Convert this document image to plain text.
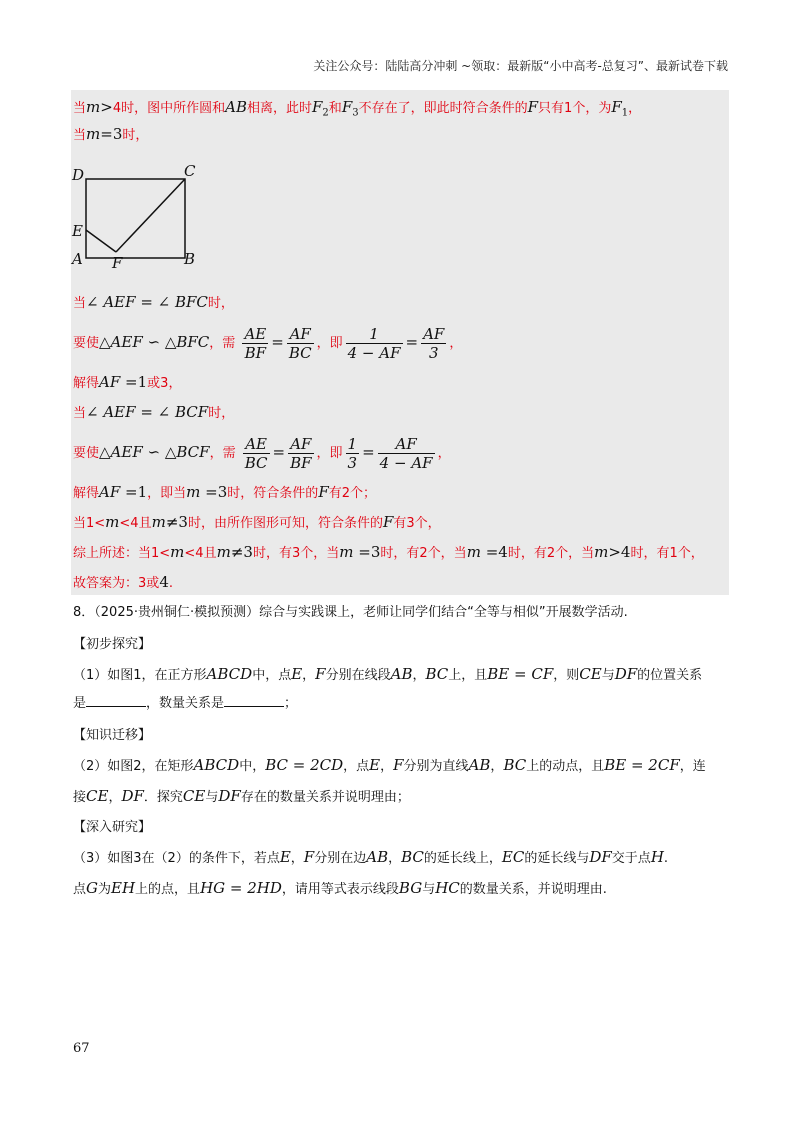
关注公众号：陆陆高分冲刺 ~领取：最新版“小中高考-总复习”、最新试卷下载
当m>4时，图中所作圆和AB相离，此时$F_2$和$F_3$不存在了，即此时符合条件的F只有1个，为$F_1$，
当m=3时，
D	C
E
A F	B
当∠ AEF = ∠ BFC时，
要使△AEF ∽ △BFC，需 $\frac{AE}{BF} = \frac{AF}{BC}$ ，即 $\frac{1}{4 - AF} = \frac{AF}{3}$ ，
解得AF =1或3，
当∠ AEF = ∠ BCF时，
要使△AEF ∽ △BCF，需 $\frac{AE}{BC} = \frac{AF}{BF}$ ，即 $\frac{1}{3} = \frac{AF}{4 - AF}$ ，
解得AF =1，即当m =3时，符合条件的F有2个；
当1<m<4且m≠3时，由所作图形可知，符合条件的F有3个，
综上所述：当1<m<4且m≠3时，有3个，当m =3时，有2个，当m =4时，有2个，当m>4时，有1个，
故答案为：3或4.
8．（2025·贵州铜仁·模拟预测）综合与实践课上，老师让同学们结合“全等与相似”开展数学活动.
【初步探究】
（1）如图1，在正方形ABCD中，点E，F分别在线段AB，BC上，且BE = CF，则CE与DF的位置关系
是	，数量关系是	；
【知识迁移】
（2）如图2，在矩形ABCD中，BC = 2CD，点E，F分别为直线AB，BC上的动点，且BE = 2CF，连
接CE，DF．探究CE与DF存在的数量关系并说明理由；
【深入研究】
（3）如图3在（2）的条件下，若点E，F分别在边AB，BC的延长线上，EC的延长线与DF交于点H.
点G为EH上的点，且HG = 2HD，请用等式表示线段BG与HC的数量关系，并说明理由.
67
